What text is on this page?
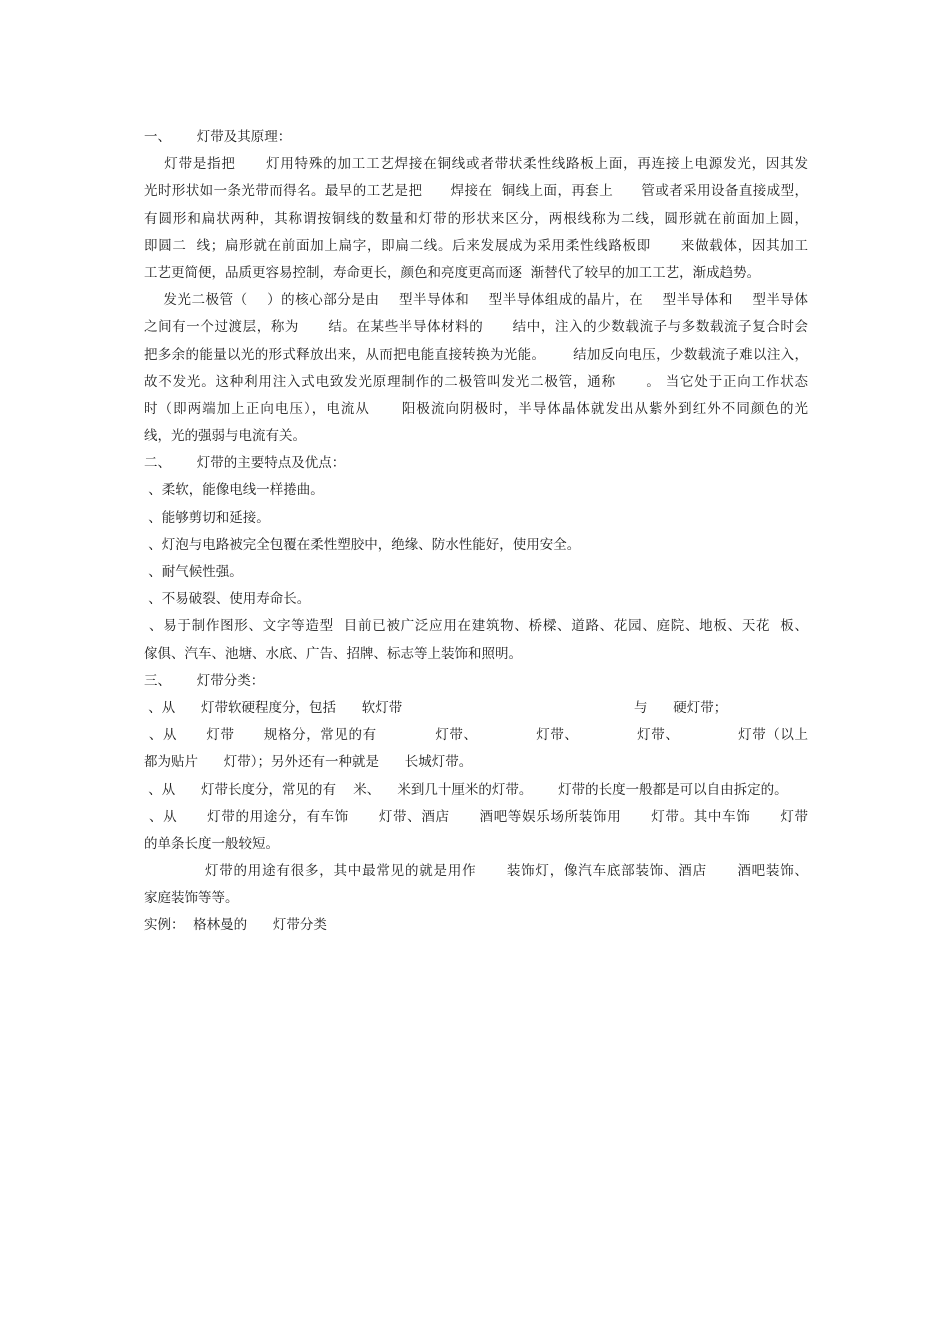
一、      灯带及其原理：
灯带是指把      灯用特殊的加工工艺焊接在铜线或者带状柔性线路板上面，再连接上电源发光，因其发
光时形状如一条光带而得名。最早的工艺是把      焊接在  铜线上面，再套上      管或者采用设备直接成型，
有圆形和扁状两种，其称谓按铜线的数量和灯带的形状来区分，两根线称为二线，圆形就在前面加上圆，
即圆二  线；扁形就在前面加上扁字，即扁二线。后来发展成为采用柔性线路板即      来做载体，因其加工
工艺更简便，品质更容易控制，寿命更长，颜色和亮度更高而逐  渐替代了较早的加工工艺，渐成趋势。
发光二极管（    ）的核心部分是由    型半导体和    型半导体组成的晶片，在    型半导体和    型半导体
之间有一个过渡层，称为      结。在某些半导体材料的      结中，注入的少数载流子与多数载流子复合时会
把多余的能量以光的形式释放出来，从而把电能直接转换为光能。      结加反向电压，少数载流子难以注入，
故不发光。这种利用注入式电致发光原理制作的二极管叫发光二极管，通称      。 当它处于正向工作状态
时（即两端加上正向电压），电流从      阳极流向阴极时，半导体晶体就发出从紫外到红外不同颜色的光
线，光的强弱与电流有关。
二、      灯带的主要特点及优点：
、柔软，能像电线一样捲曲。
、能够剪切和延接。
、灯泡与电路被完全包覆在柔性塑胶中，绝缘、防水性能好，使用安全。
、耐气候性强。
、不易破裂、使用寿命长。
、易于制作图形、文字等造型  目前已被广泛应用在建筑物、桥樑、道路、花园、庭院、地板、天花  板、
傢俱、汽车、池塘、水底、广告、招牌、标志等上装饰和照明。
三、      灯带分类：
、从      灯带软硬程度分，包括      软灯带                                                      与      硬灯带；
、从      灯带      规格分，常见的有            灯带、            灯带、            灯带、            灯带（以上
都为贴片      灯带）；另外还有一种就是      长城灯带。
、从      灯带长度分，常见的有    米、    米到几十厘米的灯带。      灯带的长度一般都是可以自由拆定的。
、从      灯带的用途分，有车饰      灯带、酒店      酒吧等娱乐场所装饰用      灯带。其中车饰      灯带
的单条长度一般较短。
灯带的用途有很多，其中最常见的就是用作      装饰灯，像汽车底部装饰、酒店      酒吧装饰、
家庭装饰等等。
实例：  格林曼的      灯带分类
